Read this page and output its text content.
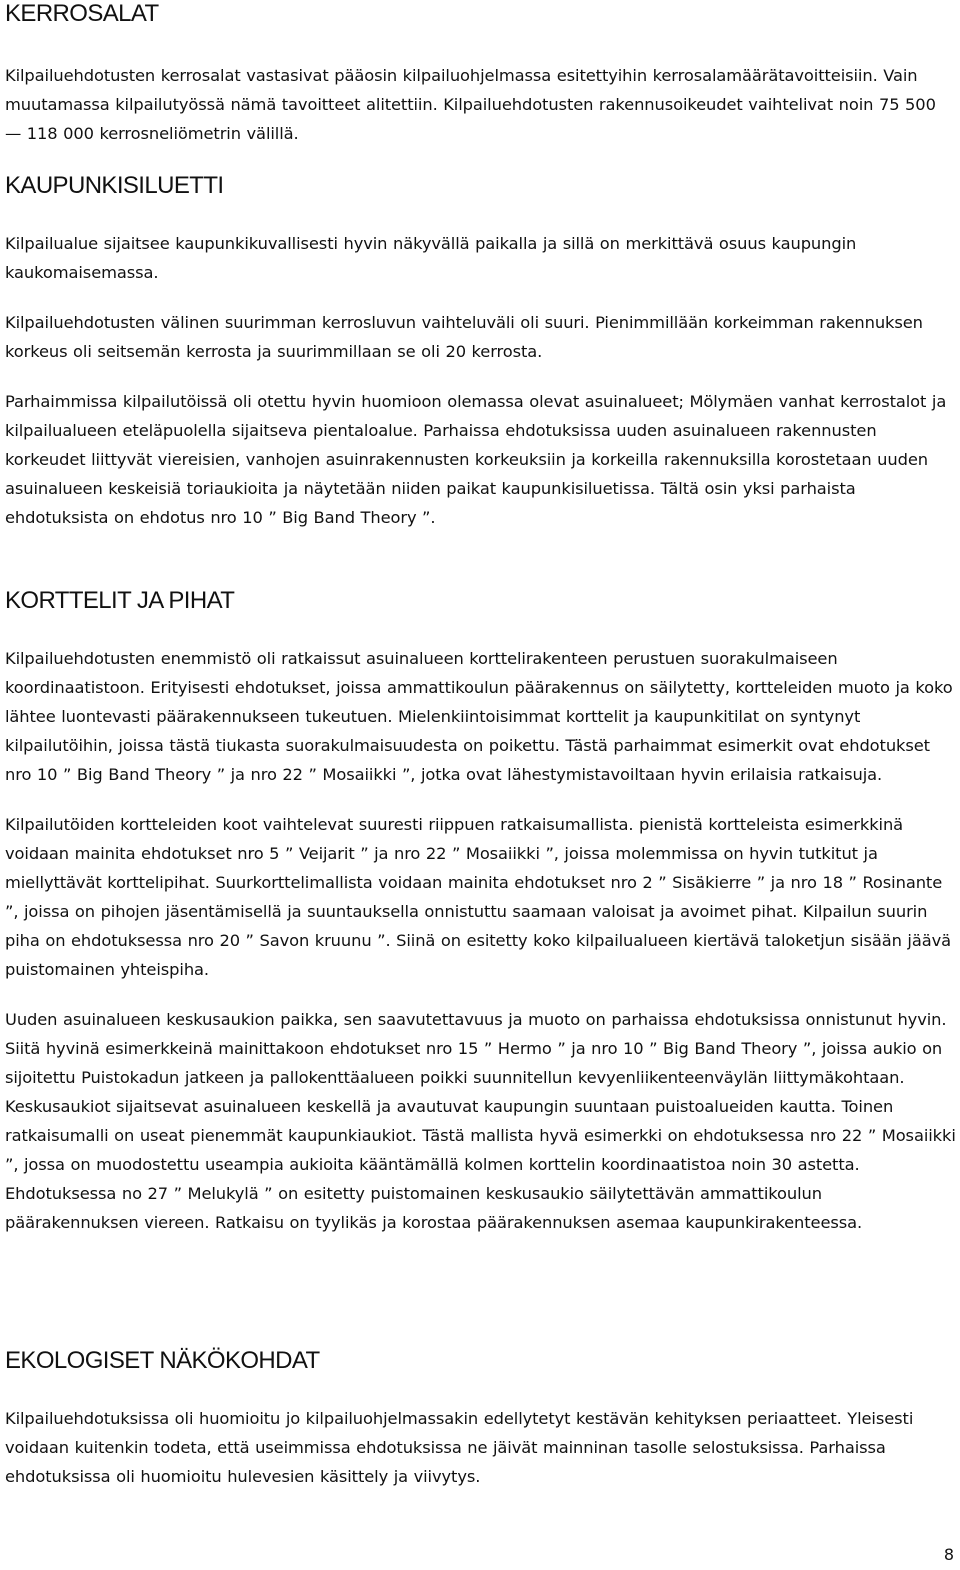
KERROSALAT

Kilpailuehdotusten kerrosalat vastasivat pääosin kilpailuohjelmassa esitettyihin kerrosalamäärätavoitteisiin. Vain muutamassa kilpailutyössä nämä tavoitteet alitettiin. Kilpailuehdotusten rakennusoikeudet vaihtelivat noin 75 500 — 118 000 kerrosneliömetrin välillä.

KAUPUNKISILUETTI

Kilpailualue sijaitsee kaupunkikuvallisesti hyvin näkyvällä paikalla ja sillä on merkittävä osuus kaupungin kaukomaisemassa.

Kilpailuehdotusten välinen suurimman kerrosluvun vaihteluväli oli suuri. Pienimmillään korkeimman rakennuksen korkeus oli seitsemän kerrosta ja suurimmillaan se oli 20 kerrosta.

Parhaimmissa kilpailutöissä oli otettu hyvin huomioon olemassa olevat asuinalueet; Mölymäen vanhat kerrostalot ja kilpailualueen eteläpuolella sijaitseva pientaloalue. Parhaissa ehdotuksissa uuden asuinalueen rakennusten korkeudet liittyvät viereisien, vanhojen asuinrakennusten korkeuksiin ja korkeilla rakennuksilla korostetaan uuden asuinalueen keskeisiä toriaukioita ja näytetään niiden paikat kaupunkisiluetissa. Tältä osin yksi parhaista ehdotuksista on ehdotus nro 10 ” Big Band Theory ”.

KORTTELIT JA PIHAT

Kilpailuehdotusten enemmistö oli ratkaissut asuinalueen korttelirakenteen perustuen suorakulmaiseen koordinaatistoon. Erityisesti ehdotukset, joissa ammattikoulun päärakennus on säilytetty, kortteleiden muoto ja koko lähtee luontevasti päärakennukseen tukeutuen. Mielenkiintoisimmat korttelit ja kaupunkitilat on syntynyt kilpailutöihin, joissa tästä tiukasta suorakulmaisuudesta on poikettu. Tästä parhaimmat esimerkit ovat ehdotukset nro 10 ” Big Band Theory ” ja nro 22 ” Mosaiikki ”, jotka ovat lähestymistavoiltaan hyvin erilaisia ratkaisuja.

Kilpailutöiden kortteleiden koot vaihtelevat suuresti riippuen ratkaisumallista. pienistä kortteleista esimerkkinä voidaan mainita ehdotukset nro 5 ” Veijarit ” ja nro 22 ” Mosaiikki ”, joissa molemmissa on hyvin tutkitut ja miellyttävät korttelipihat. Suurkorttelimallista voidaan mainita ehdotukset nro 2 ” Sisäkierre ” ja nro 18 ” Rosinante ”, joissa on pihojen jäsentämisellä ja suuntauksella onnistuttu saamaan valoisat ja avoimet pihat. Kilpailun suurin piha on ehdotuksessa nro 20 ” Savon kruunu ”. Siinä on esitetty koko kilpailualueen kiertävä taloketjun sisään jäävä puistomainen yhteispiha.

Uuden asuinalueen keskusaukion paikka, sen saavutettavuus ja muoto on parhaissa ehdotuksissa onnistunut hyvin. Siitä hyvinä esimerkkeinä mainittakoon ehdotukset nro 15 ” Hermo ” ja nro 10 ” Big Band Theory ”, joissa aukio on sijoitettu Puistokadun jatkeen ja pallokenttäalueen poikki suunnitellun kevyenliikenteenväylän liittymäkohtaan. Keskusaukiot sijaitsevat asuinalueen keskellä ja avautuvat kaupungin suuntaan puistoalueiden kautta. Toinen ratkaisumalli on useat pienemmät kaupunkiaukiot. Tästä mallista hyvä esimerkki on ehdotuksessa nro 22 ” Mosaiikki ”, jossa on muodostettu useampia aukioita kääntämällä kolmen korttelin koordinaatistoa noin 30 astetta. Ehdotuksessa no 27 ” Melukylä ” on esitetty puistomainen keskusaukio säilytettävän ammattikoulun päärakennuksen viereen. Ratkaisu on tyylikäs ja korostaa päärakennuksen asemaa kaupunkirakenteessa.

EKOLOGISET NÄKÖKOHDAT

Kilpailuehdotuksissa oli huomioitu jo kilpailuohjelmassakin edellytetyt kestävän kehityksen periaatteet. Yleisesti voidaan kuitenkin todeta, että useimmissa ehdotuksissa ne jäivät mainninan tasolle selostuksissa. Parhaissa ehdotuksissa oli huomioitu hulevesien käsittely ja viivytys.

8
